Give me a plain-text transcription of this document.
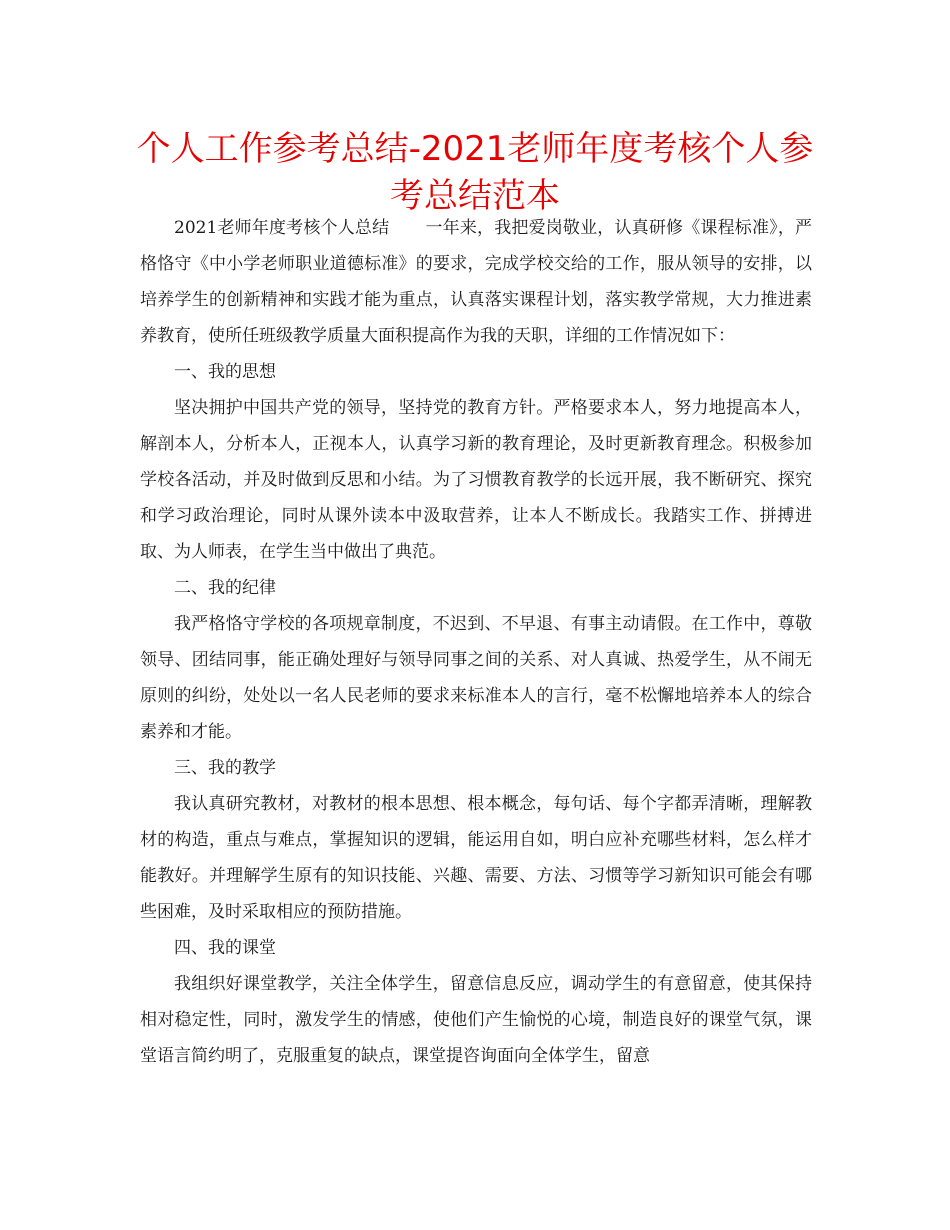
个人工作参考总结-2021老师年度考核个人参考总结范本

2021老师年度考核个人总结 一年来，我把爱岗敬业，认真研修《课程标准》，严格恪守《中小学老师职业道德标准》的要求，完成学校交给的工作，服从领导的安排，以培养学生的创新精神和实践才能为重点，认真落实课程计划，落实教学常规，大力推进素养教育，使所任班级教学质量大面积提高作为我的天职，详细的工作情况如下：

一、我的思想

坚决拥护中国共产党的领导，坚持党的教育方针。严格要求本人，努力地提高本人，解剖本人，分析本人，正视本人，认真学习新的教育理论，及时更新教育理念。积极参加学校各活动，并及时做到反思和小结。为了习惯教育教学的长远开展，我不断研究、探究和学习政治理论，同时从课外读本中汲取营养，让本人不断成长。我踏实工作、拼搏进取、为人师表，在学生当中做出了典范。

二、我的纪律

我严格恪守学校的各项规章制度，不迟到、不早退、有事主动请假。在工作中，尊敬领导、团结同事，能正确处理好与领导同事之间的关系、对人真诚、热爱学生，从不闹无原则的纠纷，处处以一名人民老师的要求来标准本人的言行，毫不松懈地培养本人的综合素养和才能。

三、我的教学

我认真研究教材，对教材的根本思想、根本概念，每句话、每个字都弄清晰，理解教材的构造，重点与难点，掌握知识的逻辑，能运用自如，明白应补充哪些材料，怎么样才能教好。并理解学生原有的知识技能、兴趣、需要、方法、习惯等学习新知识可能会有哪些困难，及时采取相应的预防措施。

四、我的课堂

我组织好课堂教学，关注全体学生，留意信息反应，调动学生的有意留意，使其保持相对稳定性，同时，激发学生的情感，使他们产生愉悦的心境，制造良好的课堂气氛，课堂语言简约明了，克服重复的缺点，课堂提咨询面向全体学生，留意
